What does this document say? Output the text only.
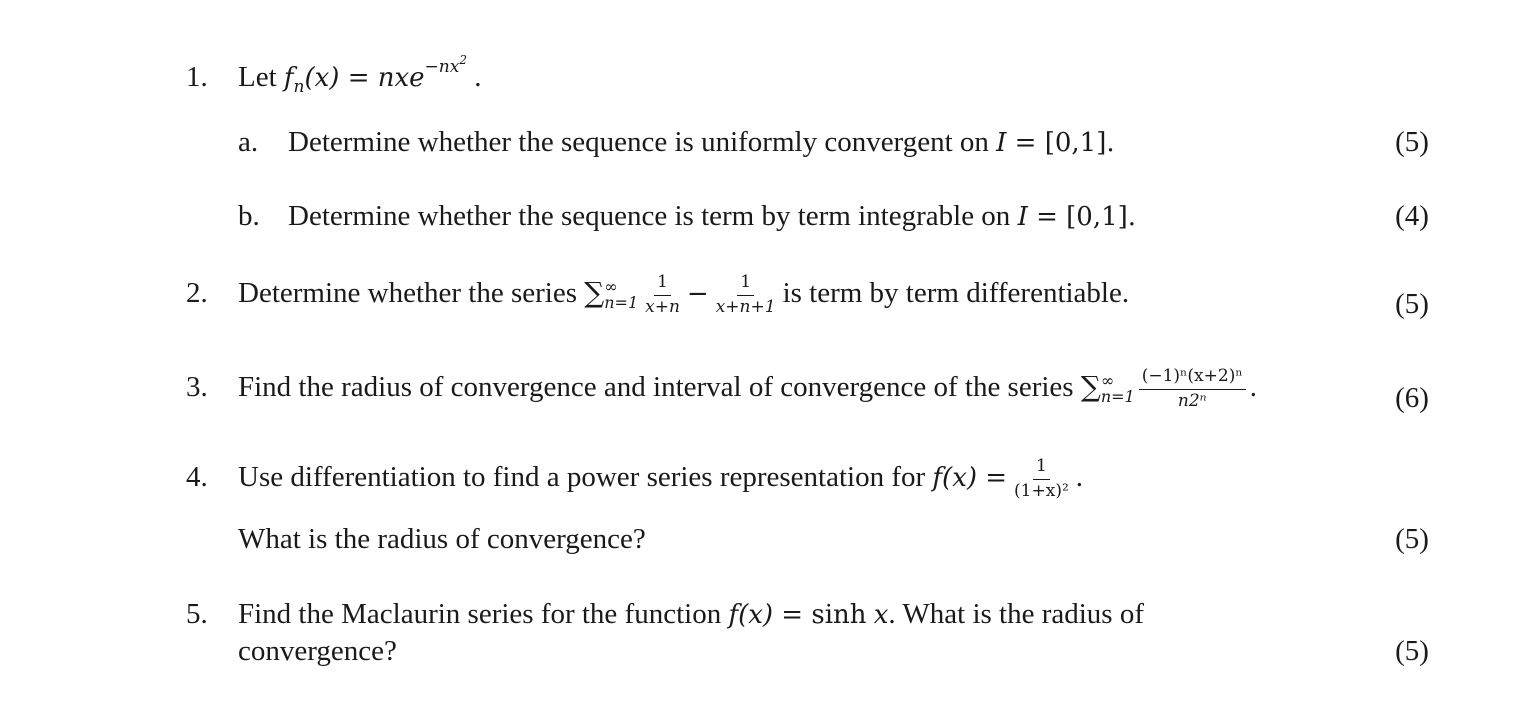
1. Let $f_n(x) = nxe^{-nx^2}$ .
a. Determine whether the sequence is uniformly convergent on I = [0,1].	(5)
b. Determine whether the sequence is term by term integrable on I = [0,1].	(4)
2. Determine whether the series ∑ ∞
$n=1 \frac{1}{x+n} - \frac{1}{x+n+1}$ is term by term differentiable.	(5)
3. Find the radius of convergence and interval of convergence of the series ∑ ∞
$n=1 \frac{\text{(−1)ⁿ(x+2)ⁿ}}{\text{n2ⁿ}}$ .	(6)
4. Use differentiation to find a power series representation for $f(x) = \frac{1}{\text{(1+x)²}}$ .
What is the radius of convergence?	(5)
5. Find the Maclaurin series for the function f(x) = sinh x. What is the radius of
convergence?	(5)
